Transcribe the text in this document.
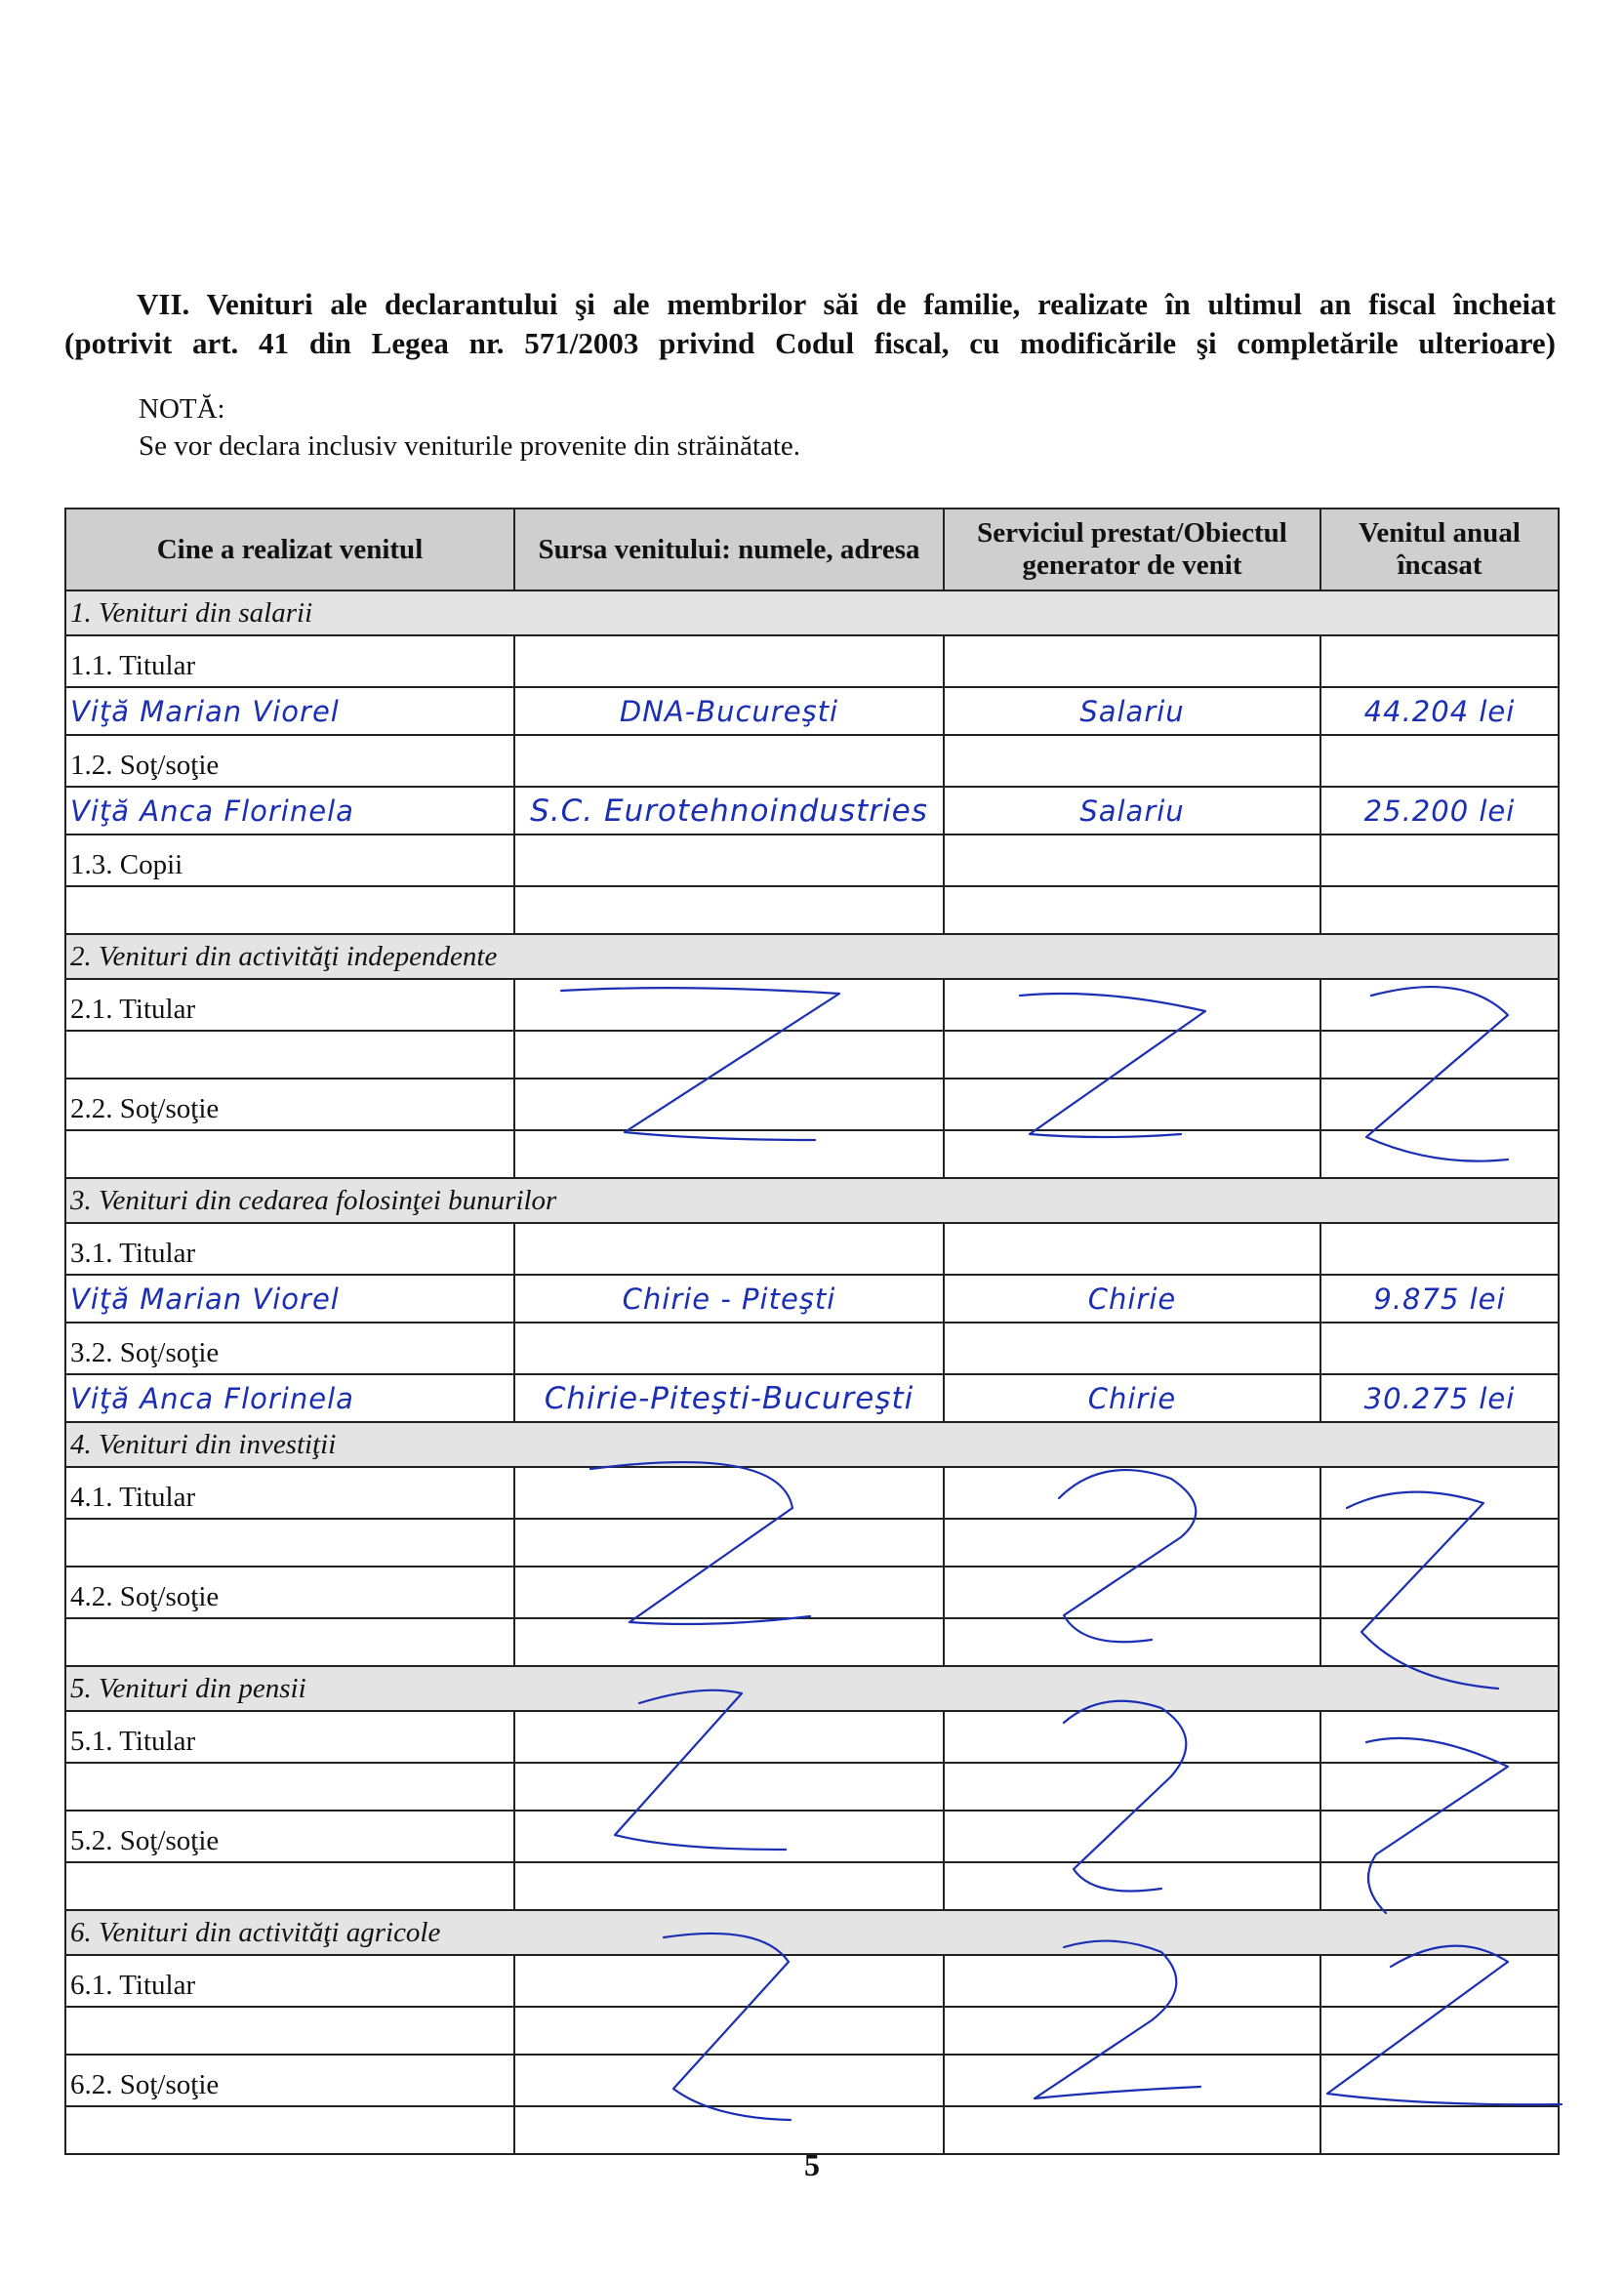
VII. Venituri ale declarantului şi ale membrilor săi de familie, realizate în ultimul an fiscal încheiat
(potrivit art. 41 din Legea nr. 571/2003 privind Codul fiscal, cu modificările şi completările ulterioare)
NOTĂ:
Se vor declara inclusiv veniturile provenite din străinătate.
Cine a realizat venitul	Sursa venitului: numele, adresa	Serviciul prestat/Obiectul generator de venit	Venitul anual încasat
1. Venituri din salarii			
1.1. Titular			
Viţă Marian Viorel	DNA-Bucureşti	Salariu	44.204 lei
1.2. Soţ/soţie			
Viţă Anca Florinela	S.C. Eurotehnoindustries	Salariu	25.200 lei
1.3. Copii			

2. Venituri din activităţi independente			
2.1. Titular			

2.2. Soţ/soţie			

3. Venituri din cedarea folosinţei bunurilor			
3.1. Titular			
Viţă Marian Viorel	Chirie - Piteşti	Chirie	9.875 lei
3.2. Soţ/soţie			
Viţă Anca Florinela	Chirie-Piteşti-Bucureşti	Chirie	30.275 lei
4. Venituri din investiţii			
4.1. Titular			

4.2. Soţ/soţie			

5. Venituri din pensii			
5.1. Titular			

5.2. Soţ/soţie			

6. Venituri din activităţi agricole			
6.1. Titular			

6.2. Soţ/soţie			

5
